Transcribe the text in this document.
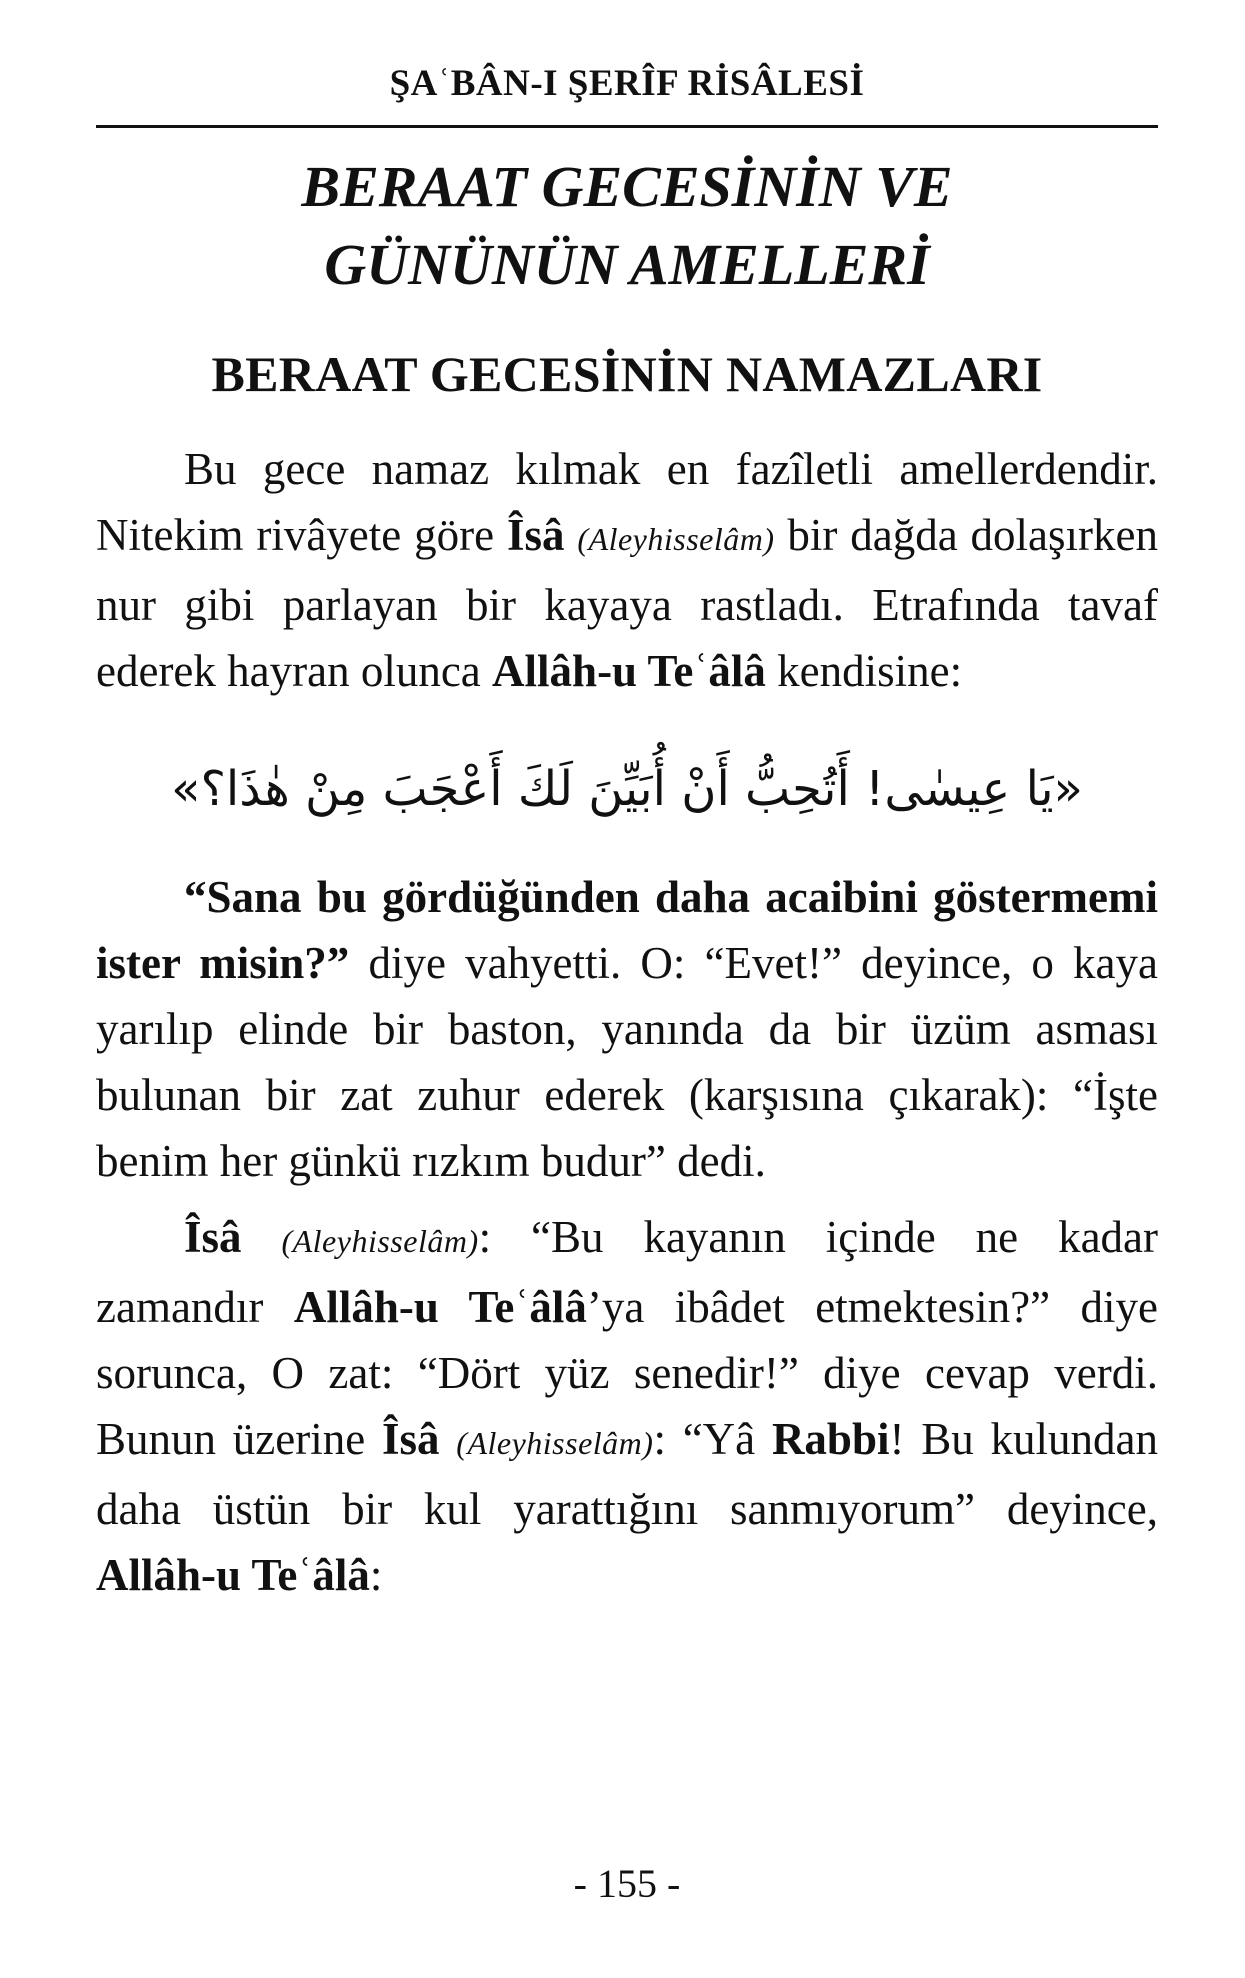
ŞAʿBÂN-I ŞERÎF RİSÂLESİ
BERAAT GECESİNİN VE
GÜNÜNÜN AMELLERİ
BERAAT GECESİNİN NAMAZLARI

Bu gece namaz kılmak en fazîletli amellerdendir. Nitekim rivâyete göre Îsâ (Aleyhisselâm) bir dağda dolaşırken nur gibi parlayan bir kayaya rastladı. Etrafında tavaf ederek hayran olunca Allâh-u Teʿâlâ kendisine:

«يَا عِيسٰى! أَتُحِبُّ أَنْ أُبَيِّنَ لَكَ أَعْجَبَ مِنْ هٰذَا؟»

“Sana bu gördüğünden daha acaibini göstermemi ister misin?” diye vahyetti. O: “Evet!” deyince, o kaya yarılıp elinde bir baston, yanında da bir üzüm asması bulunan bir zat zuhur ederek (karşısına çıkarak): “İşte benim her günkü rızkım budur” dedi.

Îsâ (Aleyhisselâm): “Bu kayanın içinde ne kadar zamandır Allâh-u Teʿâlâ’ya ibâdet etmektesin?” diye sorunca, O zat: “Dört yüz senedir!” diye cevap verdi. Bunun üzerine Îsâ (Aleyhisselâm): “Yâ Rabbi! Bu kulundan daha üstün bir kul yarattığını sanmıyorum” deyince, Allâh-u Teʿâlâ:

- 155 -
